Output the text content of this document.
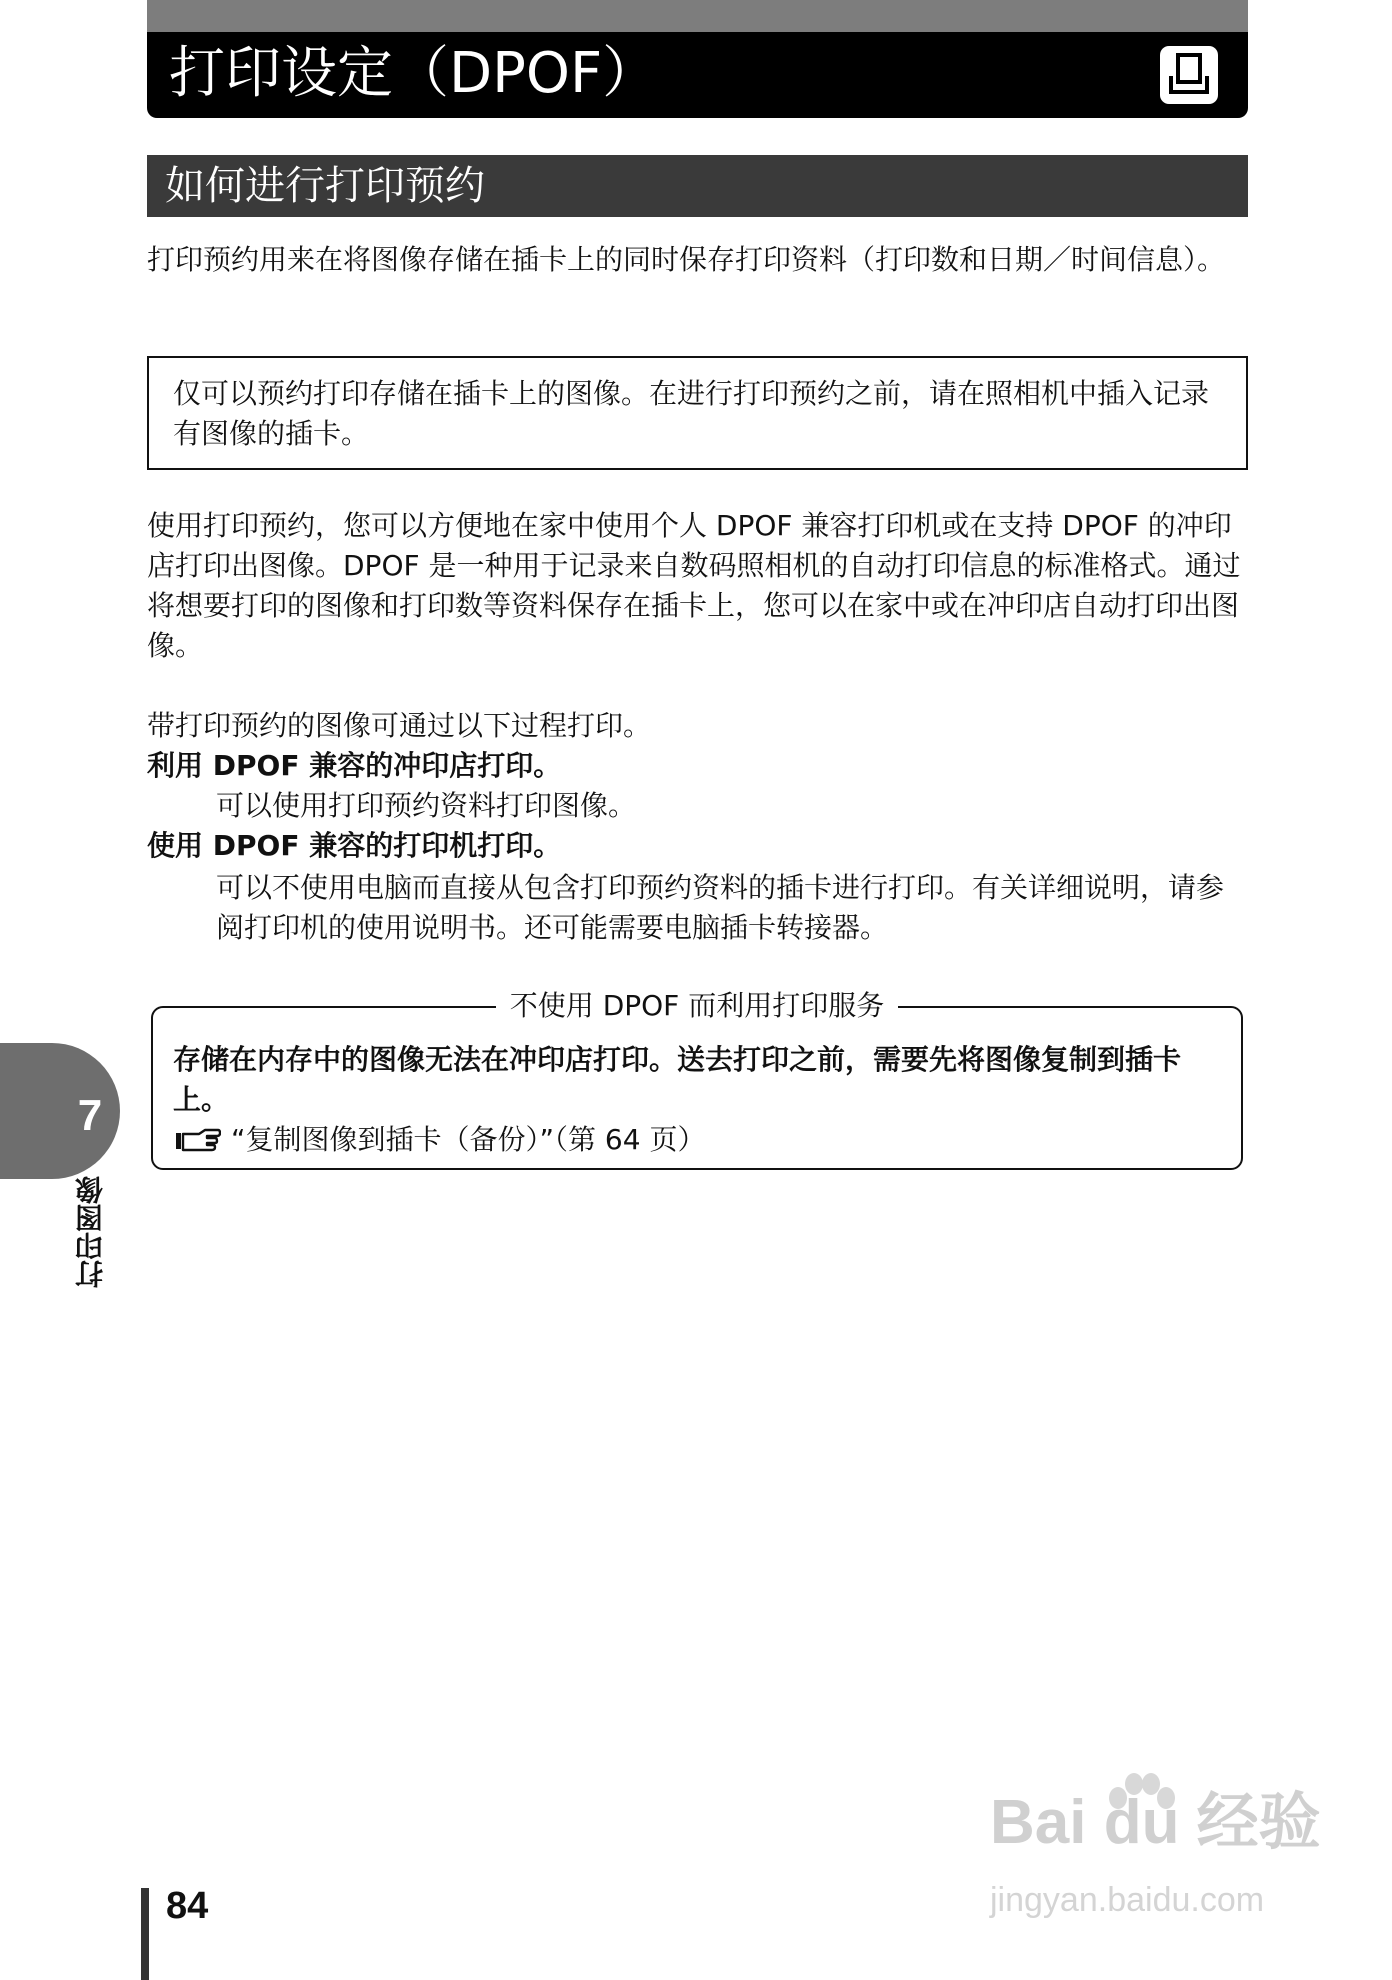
打印设定（DPOF）
如何进行打印预约
打印预约用来在将图像存储在插卡上的同时保存打印资料（打印数和日期／时间信息）。
仅可以预约打印存储在插卡上的图像。在进行打印预约之前，请在照相机中插入记录有图像的插卡。
使用打印预约，您可以方便地在家中使用个人 DPOF 兼容打印机或在支持 DPOF 的冲印店打印出图像。DPOF 是一种用于记录来自数码照相机的自动打印信息的标准格式。通过将想要打印的图像和打印数等资料保存在插卡上，您可以在家中或在冲印店自动打印出图像。
带打印预约的图像可通过以下过程打印。
利用 DPOF 兼容的冲印店打印。
可以使用打印预约资料打印图像。
使用 DPOF 兼容的打印机打印。
可以不使用电脑而直接从包含打印预约资料的插卡进行打印。有关详细说明，请参阅打印机的使用说明书。还可能需要电脑插卡转接器。
不使用 DPOF 而利用打印服务
存储在内存中的图像无法在冲印店打印。送去打印之前，需要先将图像复制到插卡上。
“复制图像到插卡（备份）”（第 64 页）
7
打印图像
84
Bai du 经验
jingyan.baidu.com
